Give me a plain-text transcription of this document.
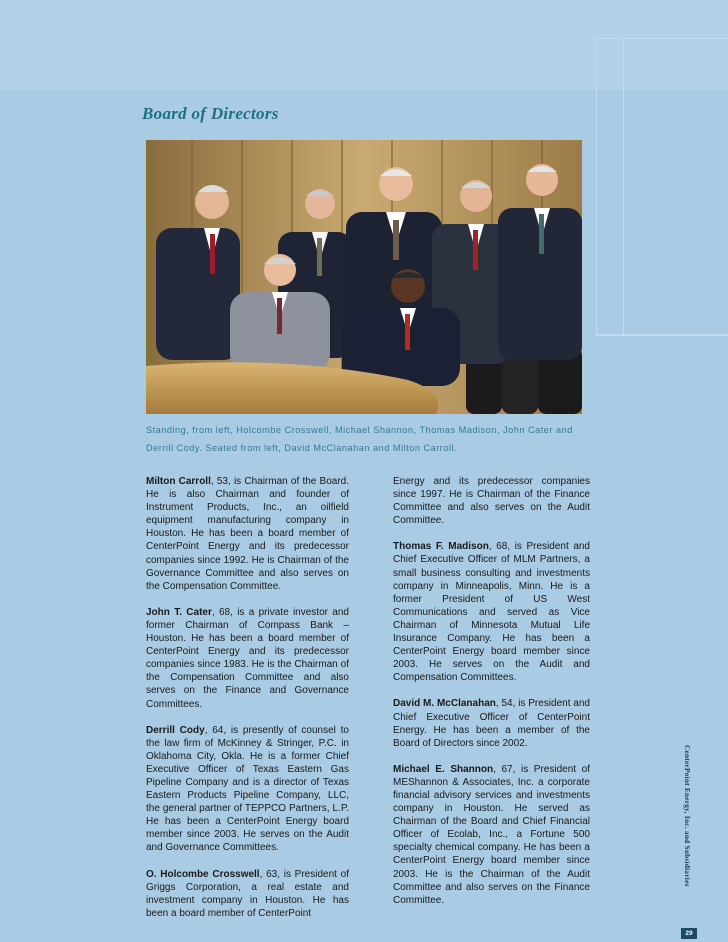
Board of Directors
Standing, from left, Holcombe Crosswell, Michael Shannon, Thomas Madison, John Cater and
Derrill Cody. Seated from left, David McClanahan and Milton Carroll.

Milton Carroll, 53, is Chairman of the Board. He is also Chairman and founder of Instrument Products, Inc., an oilfield equipment manufacturing company in Houston. He has been a board member of CenterPoint Energy and its predecessor companies since 1992. He is Chairman of the Governance Committee and also serves on the Compensation Committee.

John T. Cater, 68, is a private investor and former Chairman of Compass Bank – Houston. He has been a board member of CenterPoint Energy and its predecessor companies since 1983. He is the Chairman of the Compensation Committee and also serves on the Finance and Governance Committees.

Derrill Cody, 64, is presently of counsel to the law firm of McKinney & Stringer, P.C. in Oklahoma City, Okla. He is a former Chief Executive Officer of Texas Eastern Gas Pipeline Company and is a director of Texas Eastern Products Pipeline Company, LLC, the general partner of TEPPCO Partners, L.P. He has been a CenterPoint Energy board member since 2003. He serves on the Audit and Governance Committees.

O. Holcombe Crosswell, 63, is President of Griggs Corporation, a real estate and investment company in Houston. He has been a board member of CenterPoint

Energy and its predecessor companies since 1997. He is Chairman of the Finance Committee and also serves on the Audit Committee.

Thomas F. Madison, 68, is President and Chief Executive Officer of MLM Partners, a small business consulting and investments company in Minneapolis, Minn. He is a former President of US West Communications and served as Vice Chairman of Minnesota Mutual Life Insurance Company. He has been a CenterPoint Energy board member since 2003. He serves on the Audit and Compensation Committees.

David M. McClanahan, 54, is President and Chief Executive Officer of CenterPoint Energy. He has been a member of the Board of Directors since 2002.

Michael E. Shannon, 67, is President of MEShannon & Associates, Inc. a corporate financial advisory services and investments company in Houston. He served as Chairman of the Board and Chief Financial Officer of Ecolab, Inc., a Fortune 500 specialty chemical company. He has been a CenterPoint Energy board member since 2003. He is the Chairman of the Audit Committee and also serves on the Finance Committee.

CenterPoint Energy, Inc. and Subsidiaries
29
